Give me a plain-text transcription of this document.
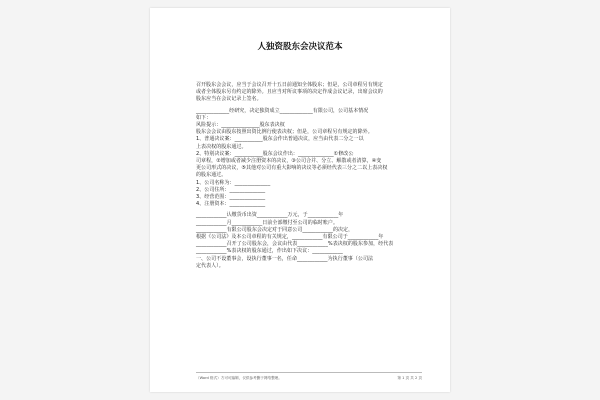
人独资股东会决议范本
召开股东会会议，应当于会议召开十五日前通知全体股东；但是，公司章程另有规定
或者全体股东另有约定的除外。且应当对所议事项的决定作成会议记录，出席会议的
股东应当在会议记录上签名。
_____________经研究，决定独资成立_____________有限公司，公司基本情况
如下：
风险提示：_______________股东表决权
股东会会议由股东按照出资比例行使表决权；但是，公司章程另有规定的除外。
1、普通决议案：___________股东会作出普通决议，应当由代表二分之一以
上表决权的股东通过。
2、特别决议案：___________股东会议作出：______________①修改公
司章程，②增加或者减少注册资本的决议，③公司合并、分立、解散或者清算，④变
更公司形式的决议，⑤其他对公司有重大影响的决议等必须经代表三分之二以上表决权
的股东通过。
1、公司名称为：______________
2、公司住所：______________
3、经营范围：______________
4、注册资本：______________
____________认缴货币出资____________万元，于____________年
____________月____________日前全部缴付至公司的临时账户。
____________有限公司股东会决定对于同意公司____________的决定，
根据《公司法》及本公司章程的有关规定，____________有限公司于____________年
____________召开了公司股东会，会议由代表____________%表决权的股东参加，经代表
____________%表决权的股东通过，作出如下决议：____________
一、公司不设董事会，设执行董事一名，任命____________为执行董事（公司法
定代表人）。
（Word 格式）方可可编辑，仅供参考删于网络整理。	第 1 页 共 2 页
